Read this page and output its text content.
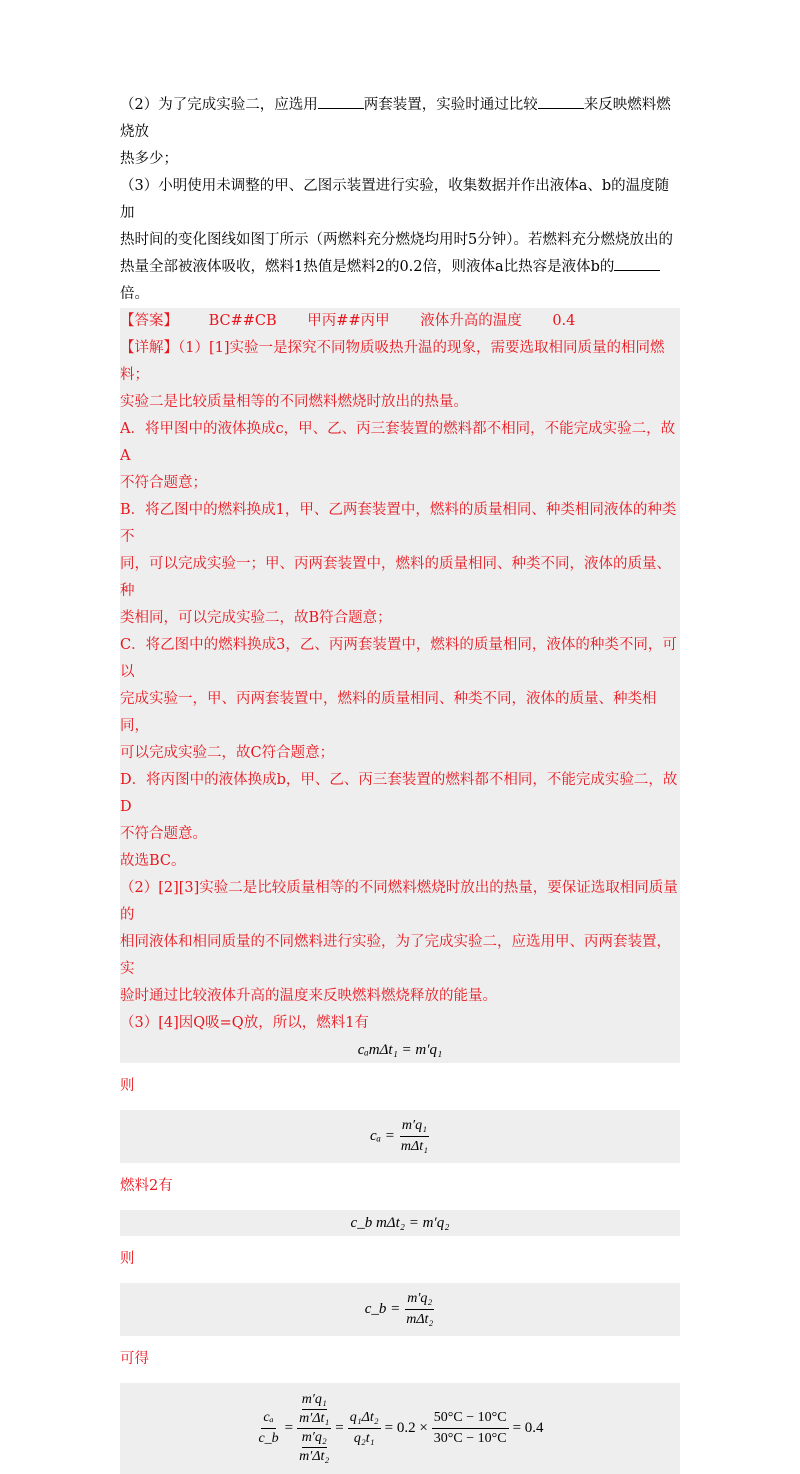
（2）为了完成实验二，应选用	两套装置，实验时通过比较	来反映燃料燃烧放

热多少；

（3）小明使用未调整的甲、乙图示装置进行实验，收集数据并作出液体a、b的温度随加

热时间的变化图线如图丁所示（两燃料充分燃烧均用时5分钟）。若燃料充分燃烧放出的

热量全部被液体吸收，燃料1热值是燃料2的0.2倍，则液体a比热容是液体b的倍。

【答案】 BC##CB 甲丙##丙甲 液体升高的温度 0.4

【详解】（1）[1]实验一是探究不同物质吸热升温的现象，需要选取相同质量的相同燃料；

实验二是比较质量相等的不同燃料燃烧时放出的热量。

A．将甲图中的液体换成c，甲、乙、丙三套装置的燃料都不相同，不能完成实验二，故A

不符合题意；

B．将乙图中的燃料换成1，甲、乙两套装置中，燃料的质量相同、种类相同液体的种类不

同，可以完成实验一；甲、丙两套装置中，燃料的质量相同、种类不同，液体的质量、种

类相同，可以完成实验二，故B符合题意；

C．将乙图中的燃料换成3，乙、丙两套装置中，燃料的质量相同，液体的种类不同，可以

完成实验一，甲、丙两套装置中，燃料的质量相同、种类不同，液体的质量、种类相同，

可以完成实验二，故C符合题意；

D．将丙图中的液体换成b，甲、乙、丙三套装置的燃料都不相同，不能完成实验二，故D

不符合题意。

故选BC。

（2）[2][3]实验二是比较质量相等的不同燃料燃烧时放出的热量，要保证选取相同质量的

相同液体和相同质量的不同燃料进行实验，为了完成实验二，应选用甲、丙两套装置，实

验时通过比较液体升高的温度来反映燃料燃烧释放的能量。

（3）[4]因Q吸=Q放，所以，燃料1有

cₐmΔt₁ = m′q₁

则

$c_a = \frac{\text{m′q₁}}{\text{mΔt₁}}$

燃料2有

c_b mΔt₂ = m′q₂

则

c_b = $\frac{\text{m′q₂}}{\text{mΔt₂}}$

可得

$\frac{\text{cₐ}}{c\_b} = \frac{\frac{\text{m′q₁}}{\text{m′Δt₁}}}{\frac{\text{m′q₂}}{\text{m′Δt₂}}} = \frac{\text{q₁Δt₂}}{\text{q₂t₁}} = 0.2 \times \frac{50^\circ C - 10^\circ C}{30^\circ C - 10^\circ C} = 0.4$
